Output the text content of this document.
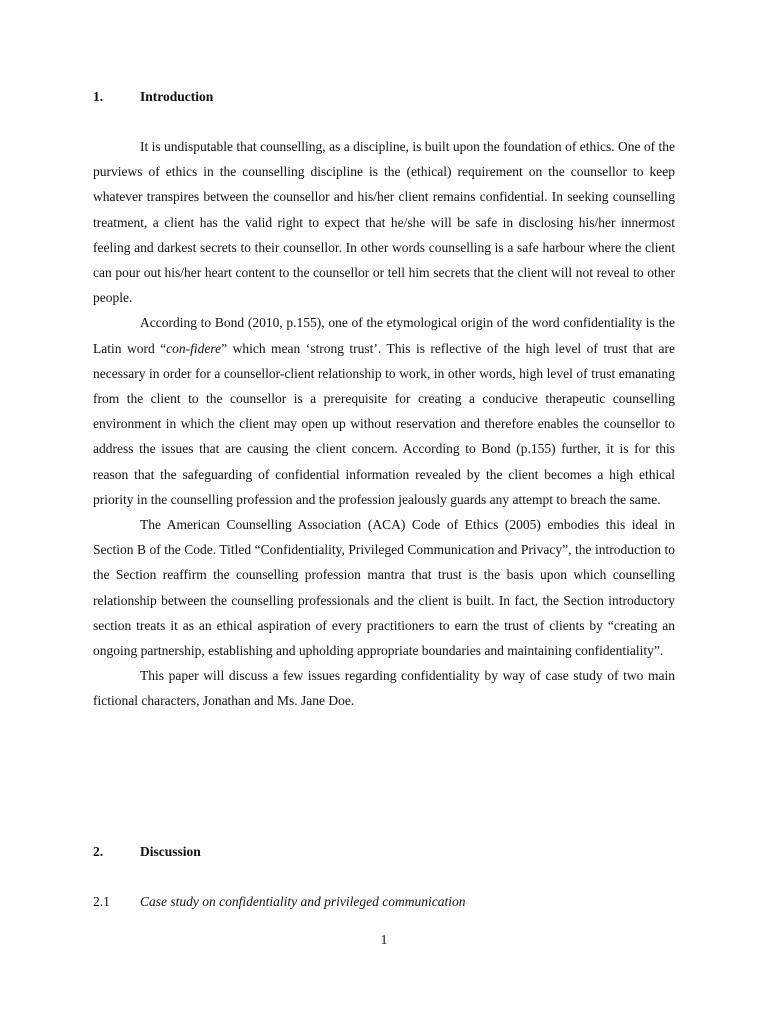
1.	Introduction

It is undisputable that counselling, as a discipline, is built upon the foundation of ethics. One of the purviews of ethics in the counselling discipline is the (ethical) requirement on the counsellor to keep whatever transpires between the counsellor and his/her client remains confidential. In seeking counselling treatment, a client has the valid right to expect that he/she will be safe in disclosing his/her innermost feeling and darkest secrets to their counsellor. In other words counselling is a safe harbour where the client can pour out his/her heart content to the counsellor or tell him secrets that the client will not reveal to other people.

According to Bond (2010, p.155), one of the etymological origin of the word confidentiality is the Latin word “con-fidere” which mean ‘strong trust’. This is reflective of the high level of trust that are necessary in order for a counsellor-client relationship to work, in other words, high level of trust emanating from the client to the counsellor is a prerequisite for creating a conducive therapeutic counselling environment in which the client may open up without reservation and therefore enables the counsellor to address the issues that are causing the client concern. According to Bond (p.155) further, it is for this reason that the safeguarding of confidential information revealed by the client becomes a high ethical priority in the counselling profession and the profession jealously guards any attempt to breach the same.

The American Counselling Association (ACA) Code of Ethics (2005) embodies this ideal in Section B of the Code. Titled “Confidentiality, Privileged Communication and Privacy”, the introduction to the Section reaffirm the counselling profession mantra that trust is the basis upon which counselling relationship between the counselling professionals and the client is built. In fact, the Section introductory section treats it as an ethical aspiration of every practitioners to earn the trust of clients by “creating an ongoing partnership, establishing and upholding appropriate boundaries and maintaining confidentiality”.

This paper will discuss a few issues regarding confidentiality by way of case study of two main fictional characters, Jonathan and Ms. Jane Doe.

2.	Discussion
2.1 Case study on confidentiality and privileged communication
1
